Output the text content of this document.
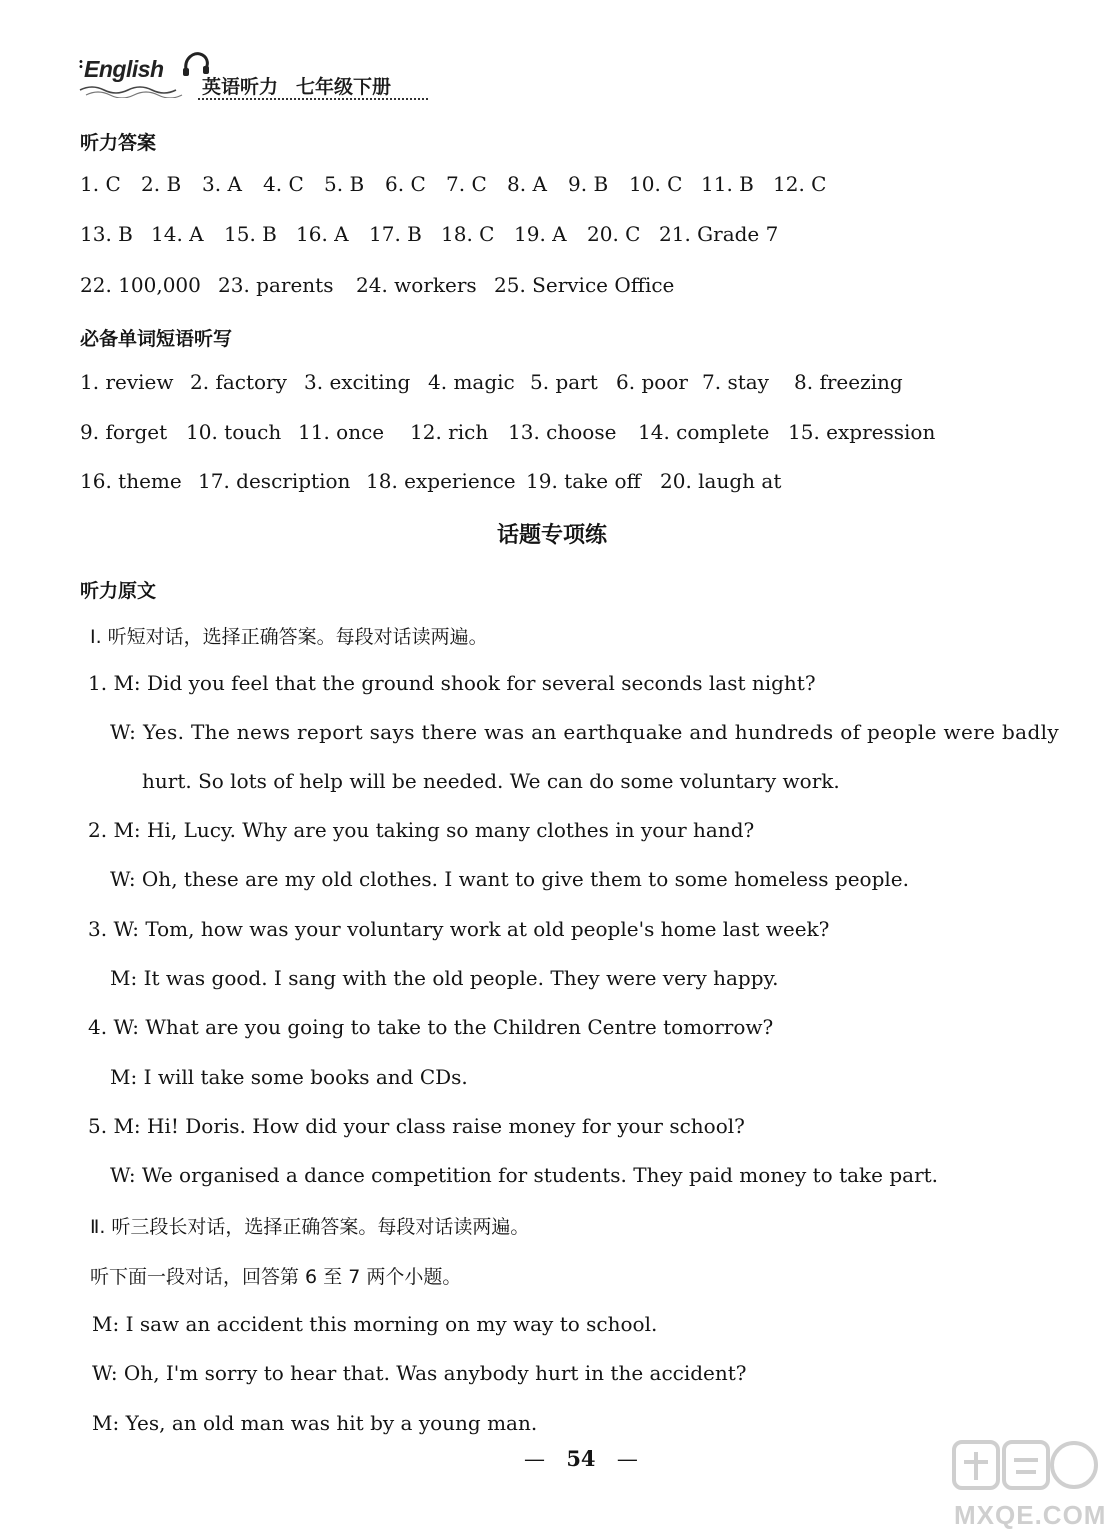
: English
英语听力 七年级下册
听力答案
1. C 2. B 3. A 4. C 5. B 6. C 7. C 8. A 9. B 10. C 11. B 12. C
13. B 14. A 15. B 16. A 17. B 18. C 19. A 20. C 21. Grade 7
22. 100,000 23. parents 24. workers 25. Service Office
必备单词短语听写
1. review 2. factory 3. exciting 4. magic 5. part 6. poor 7. stay 8. freezing
9. forget 10. touch 11. once 12. rich 13. choose 14. complete 15. expression
16. theme 17. description 18. experience 19. take off 20. laugh at
话题专项练
听力原文
Ⅰ. 听短对话，选择正确答案。每段对话读两遍。
1. M: Did you feel that the ground shook for several seconds last night?
W: Yes. The news report says there was an earthquake and hundreds of people were badly
hurt. So lots of help will be needed. We can do some voluntary work.
2. M: Hi, Lucy. Why are you taking so many clothes in your hand?
W: Oh, these are my old clothes. I want to give them to some homeless people.
3. W: Tom, how was your voluntary work at old people's home last week?
M: It was good. I sang with the old people. They were very happy.
4. W: What are you going to take to the Children Centre tomorrow?
M: I will take some books and CDs.
5. M: Hi! Doris. How did your class raise money for your school?
W: We organised a dance competition for students. They paid money to take part.
Ⅱ. 听三段长对话，选择正确答案。每段对话读两遍。
听下面一段对话，回答第 6 至 7 两个小题。
M: I saw an accident this morning on my way to school.
W: Oh, I'm sorry to hear that. Was anybody hurt in the accident?
M: Yes, an old man was hit by a young man.
— 54 —
MXQE.COM
